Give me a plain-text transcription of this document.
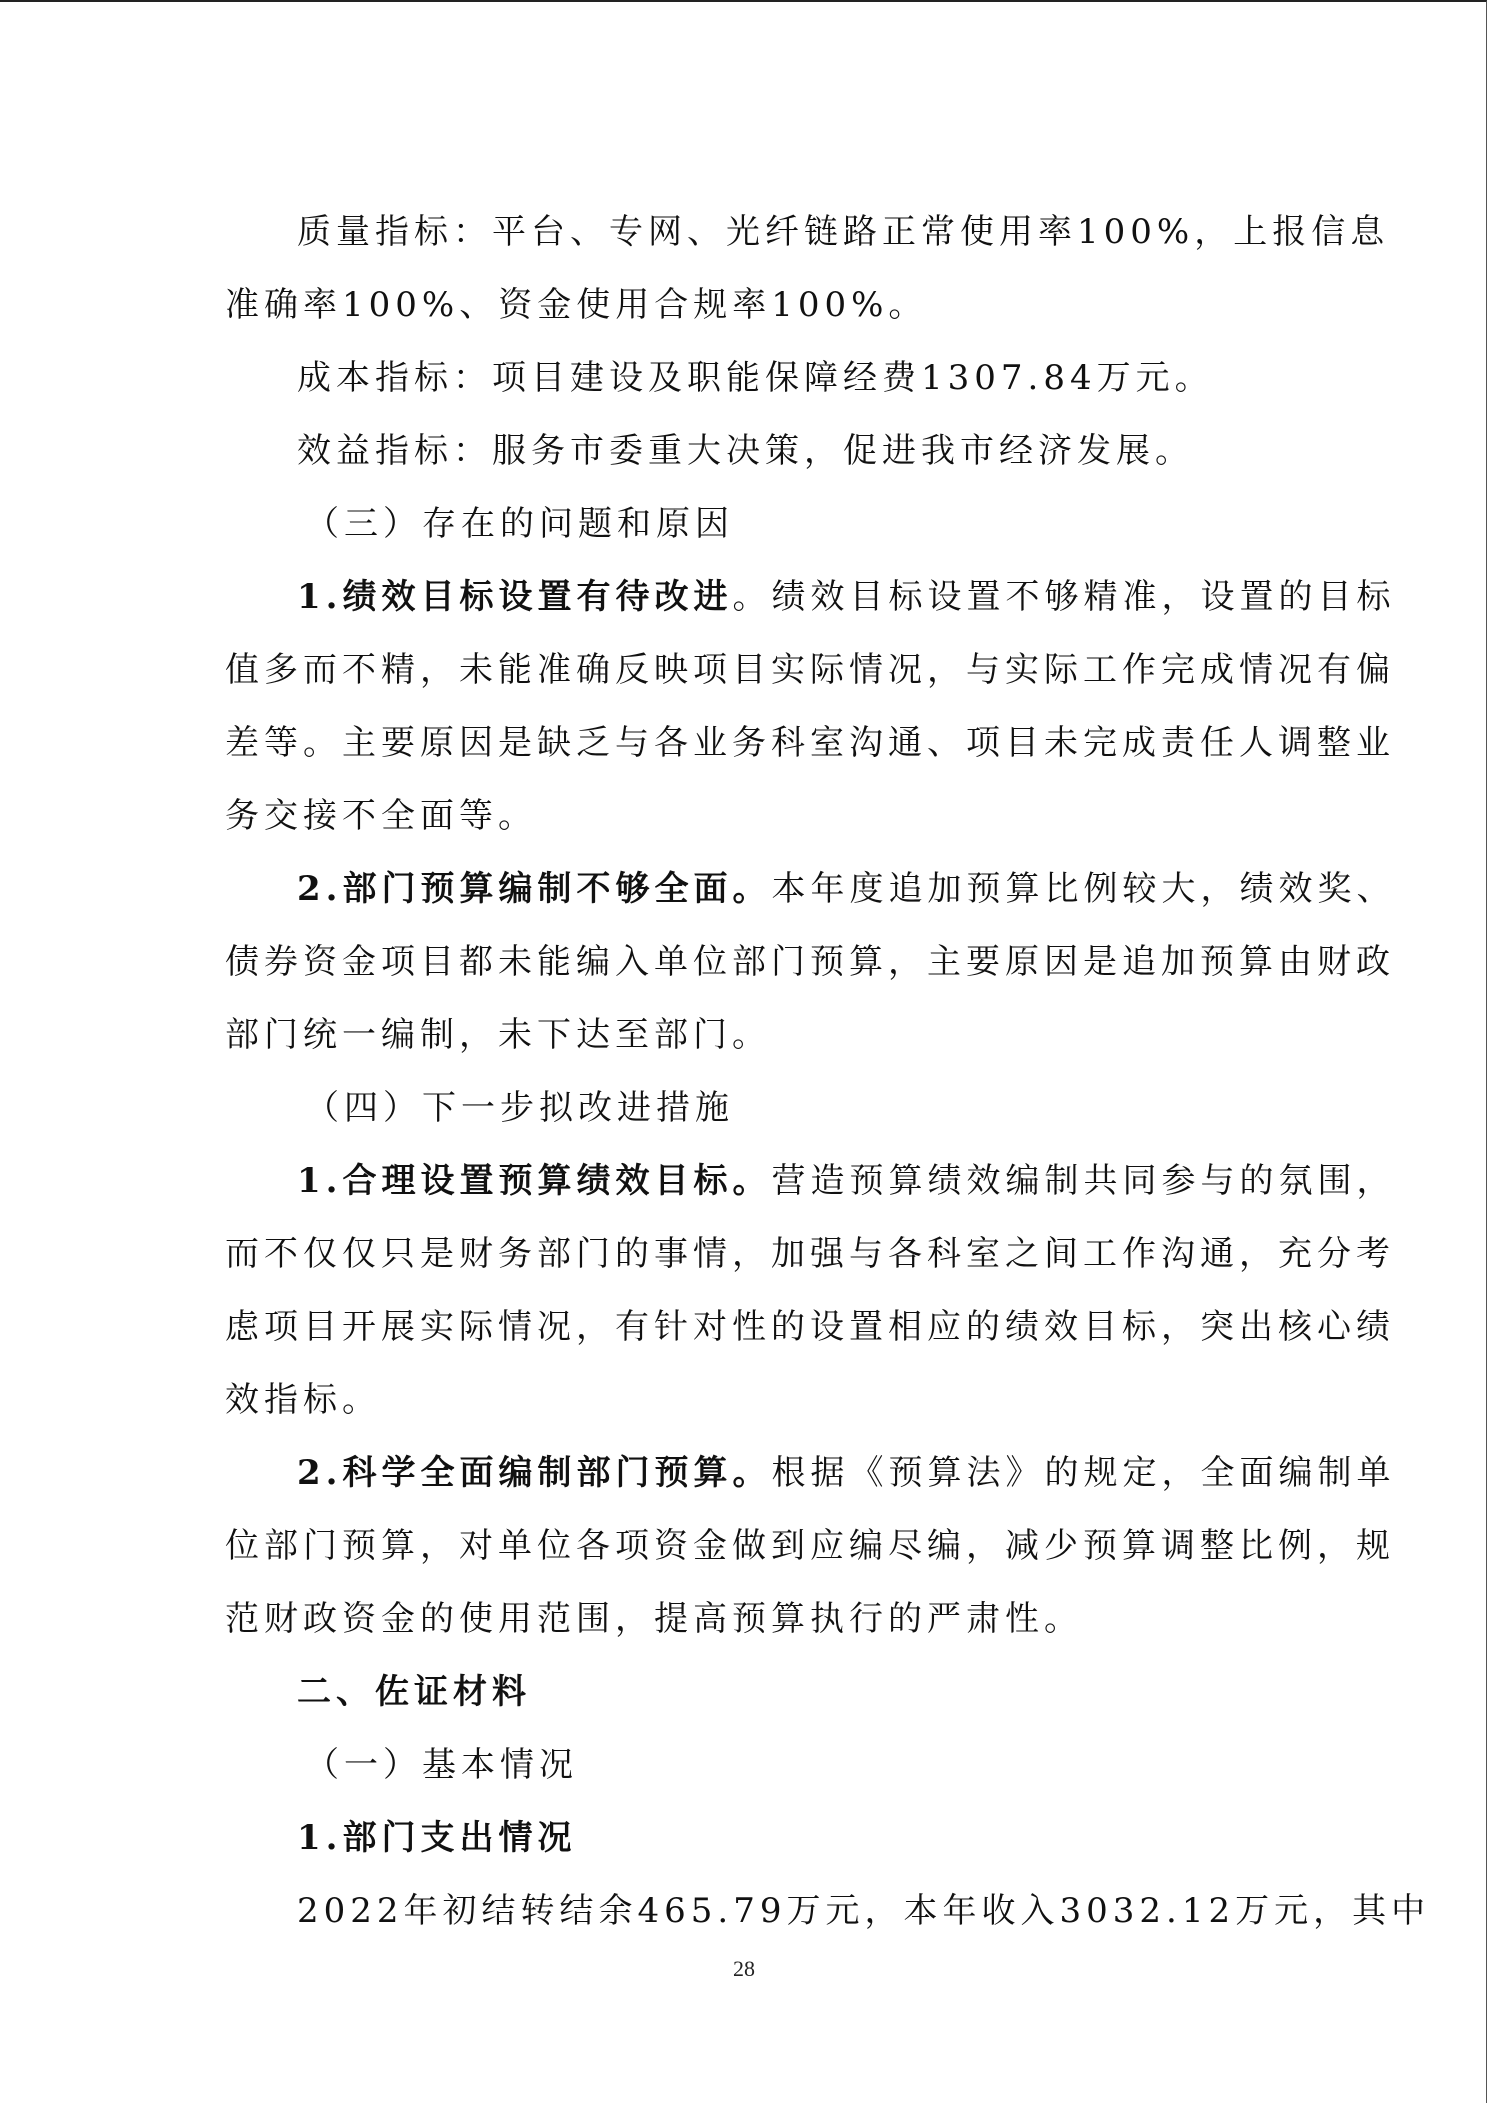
质量指标：平台、专网、光纤链路正常使用率100%，上报信息
准确率100%、资金使用合规率100%。
成本指标：项目建设及职能保障经费1307.84万元。
效益指标：服务市委重大决策，促进我市经济发展。
（三）存在的问题和原因
1.绩效目标设置有待改进。绩效目标设置不够精准，设置的目标
值多而不精，未能准确反映项目实际情况，与实际工作完成情况有偏
差等。主要原因是缺乏与各业务科室沟通、项目未完成责任人调整业
务交接不全面等。
2.部门预算编制不够全面。本年度追加预算比例较大，绩效奖、
债券资金项目都未能编入单位部门预算，主要原因是追加预算由财政
部门统一编制，未下达至部门。
（四）下一步拟改进措施
1.合理设置预算绩效目标。营造预算绩效编制共同参与的氛围，
而不仅仅只是财务部门的事情，加强与各科室之间工作沟通，充分考
虑项目开展实际情况，有针对性的设置相应的绩效目标，突出核心绩
效指标。
2.科学全面编制部门预算。根据《预算法》的规定，全面编制单
位部门预算，对单位各项资金做到应编尽编，减少预算调整比例，规
范财政资金的使用范围，提高预算执行的严肃性。
二、佐证材料
（一）基本情况
1.部门支出情况
2022年初结转结余465.79万元，本年收入3032.12万元，其中
28
